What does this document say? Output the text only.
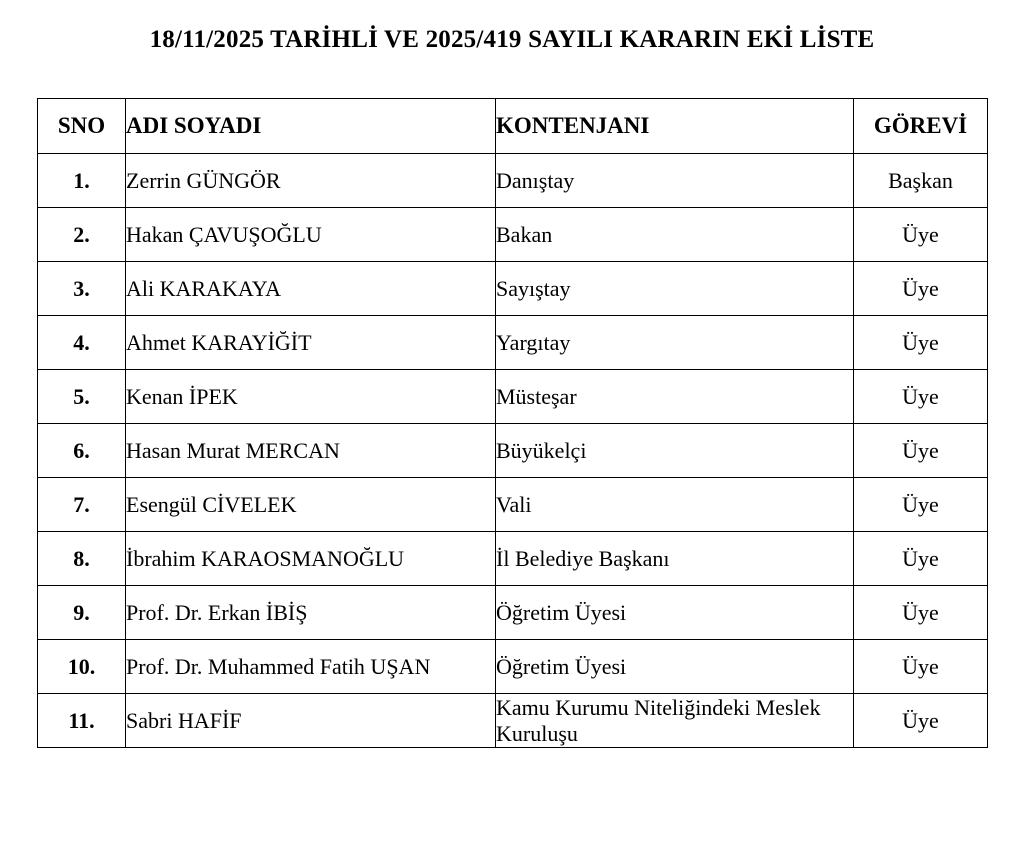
18/11/2025 TARİHLİ VE 2025/419 SAYILI KARARIN EKİ LİSTE
SNO	ADI SOYADI	KONTENJANI	GÖREVİ
1.	Zerrin GÜNGÖR	Danıştay	Başkan
2.	Hakan ÇAVUŞOĞLU	Bakan	Üye
3.	Ali KARAKAYA	Sayıştay	Üye
4.	Ahmet KARAYİĞİT	Yargıtay	Üye
5.	Kenan İPEK	Müsteşar	Üye
6.	Hasan Murat MERCAN	Büyükelçi	Üye
7.	Esengül CİVELEK	Vali	Üye
8.	İbrahim KARAOSMANOĞLU	İl Belediye Başkanı	Üye
9.	Prof. Dr. Erkan İBİŞ	Öğretim Üyesi	Üye
10.	Prof. Dr. Muhammed Fatih UŞAN	Öğretim Üyesi	Üye
11.	Sabri HAFİF	Kamu Kurumu Niteliğindeki Meslek Kuruluşu	Üye
